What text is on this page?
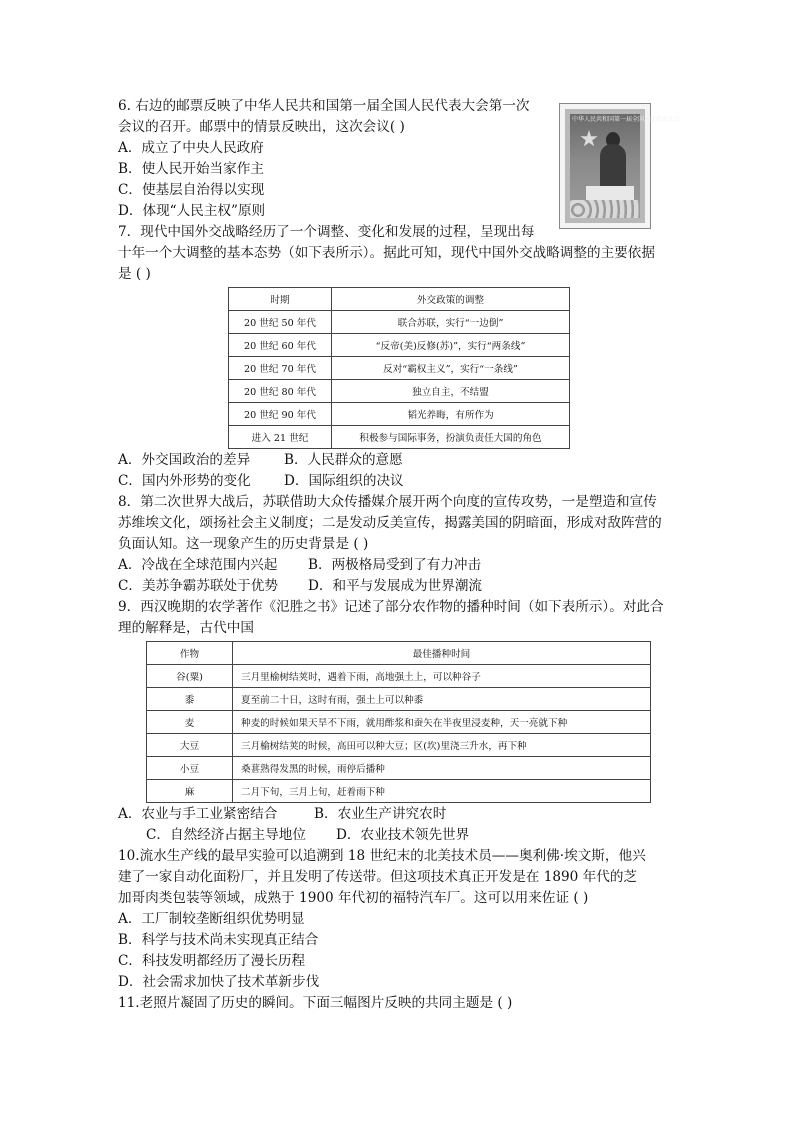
6. 右边的邮票反映了中华人民共和国第一届全国人民代表大会第一次
会议的召开。邮票中的情景反映出，这次会议( )
A．成立了中央人民政府
B．使人民开始当家作主
C．使基层自治得以实现
D．体现“人民主权”原则
中华人民共和国第一届全国人民代表大会
7．现代中国外交战略经历了一个调整、变化和发展的过程，呈现出每
十年一个大调整的基本态势（如下表所示）。据此可知，现代中国外交战略调整的主要依据
是 ( )
时期	外交政策的调整
20 世纪 50 年代	联合苏联，实行“一边倒”
20 世纪 60 年代	“反帝(美)反修(苏)”，实行“两条线”
20 世纪 70 年代	反对“霸权主义”，实行“一条线”
20 世纪 80 年代	独立自主，不结盟
20 世纪 90 年代	韬光养晦，有所作为
进入 21 世纪	积极参与国际事务，扮演负责任大国的角色
A．外交国政治的差异 B．人民群众的意愿
C．国内外形势的变化 D．国际组织的决议
8．第二次世界大战后，苏联借助大众传播媒介展开两个向度的宣传攻势，一是塑造和宣传
苏维埃文化，颂扬社会主义制度；二是发动反美宣传，揭露美国的阴暗面，形成对敌阵营的
负面认知。这一现象产生的历史背景是 ( )
A．冷战在全球范围内兴起 B．两极格局受到了有力冲击
C．美苏争霸苏联处于优势 D．和平与发展成为世界潮流
9．西汉晚期的农学著作《氾胜之书》记述了部分农作物的播种时间（如下表所示）。对此合
理的解释是，古代中国
作物	最佳播种时间
谷(粟)	三月里榆树结荚时，遇着下雨，高地强土上，可以种谷子
黍	夏至前二十日，这时有雨，强土上可以种黍
麦	种麦的时候如果天旱不下雨，就用酢浆和蚕矢在半夜里浸麦种，天一亮就下种
大豆	三月榆树结荚的时候，高田可以种大豆；区(坎)里浇三升水，再下种
小豆	桑葚熟得发黑的时候，雨停后播种
麻	二月下旬，三月上旬，赶着雨下种
A．农业与手工业紧密结合	B．农业生产讲究农时
C．自然经济占据主导地位 D．农业技术领先世界
10.流水生产线的最早实验可以追溯到 18 世纪末的北美技术员——奥利佛·埃文斯，他兴
建了一家自动化面粉厂，并且发明了传送带。但这项技术真正开发是在 1890 年代的芝
加哥肉类包装等领域，成熟于 1900 年代初的福特汽车厂。这可以用来佐证 ( )
A．工厂制较垄断组织优势明显
B．科学与技术尚未实现真正结合
C．科技发明都经历了漫长历程
D．社会需求加快了技术革新步伐
11.老照片凝固了历史的瞬间。下面三幅图片反映的共同主题是 ( )
